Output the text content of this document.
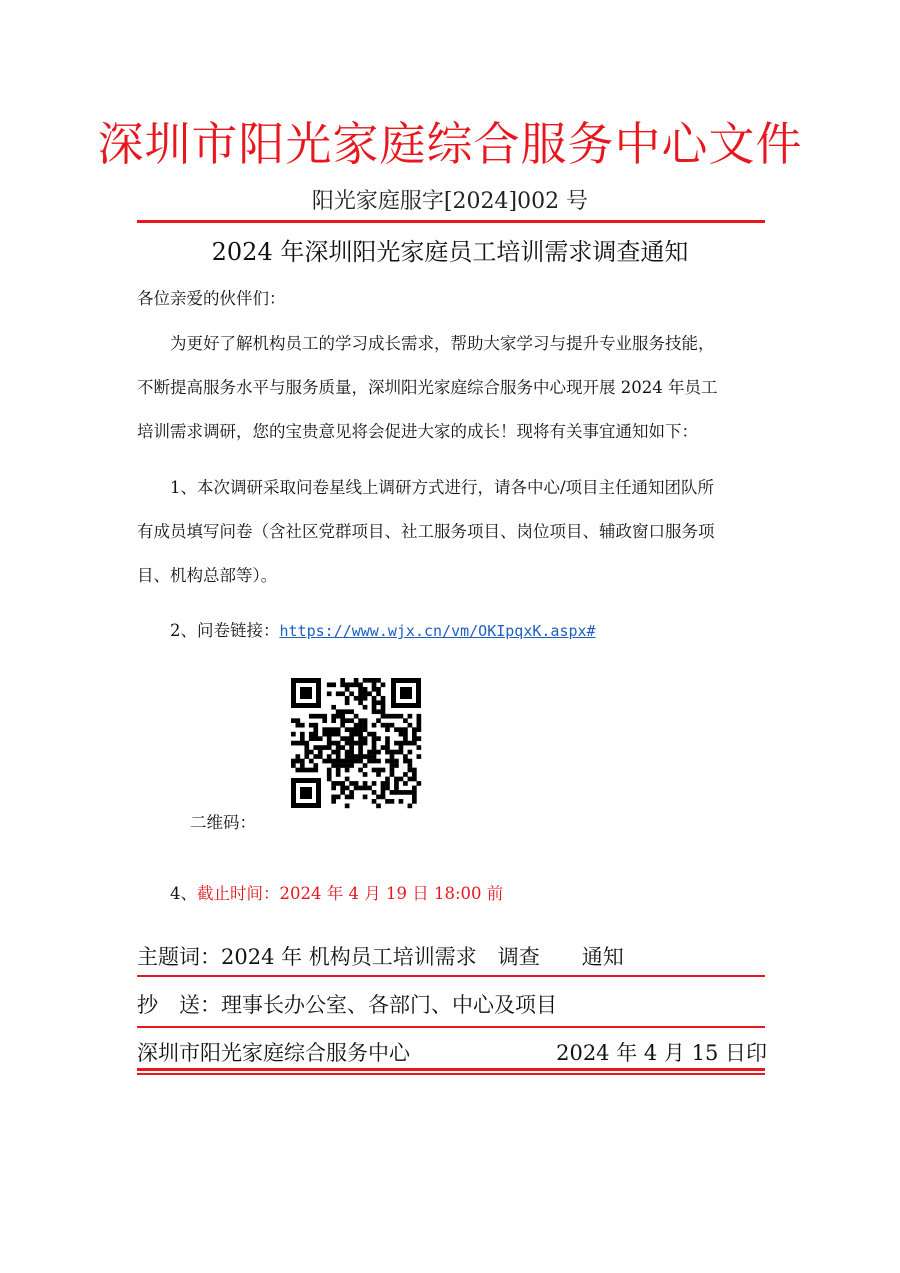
深圳市阳光家庭综合服务中心文件
阳光家庭服字[2024]002 号
2024 年深圳阳光家庭员工培训需求调查通知
各位亲爱的伙伴们：
为更好了解机构员工的学习成长需求，帮助大家学习与提升专业服务技能，
不断提高服务水平与服务质量，深圳阳光家庭综合服务中心现开展 2024 年员工
培训需求调研，您的宝贵意见将会促进大家的成长！现将有关事宜通知如下：
1、本次调研采取问卷星线上调研方式进行，请各中心/项目主任通知团队所
有成员填写问卷（含社区党群项目、社工服务项目、岗位项目、辅政窗口服务项
目、机构总部等）。
2、问卷链接：https://www.wjx.cn/vm/OKIpqxK.aspx#
二维码：
4、截止时间：2024 年 4 月 19 日 18:00 前
主题词：2024 年 机构员工培训需求　调查　　通知
抄　送：理事长办公室、各部门、中心及项目
深圳市阳光家庭综合服务中心	2024 年 4 月 15 日印
